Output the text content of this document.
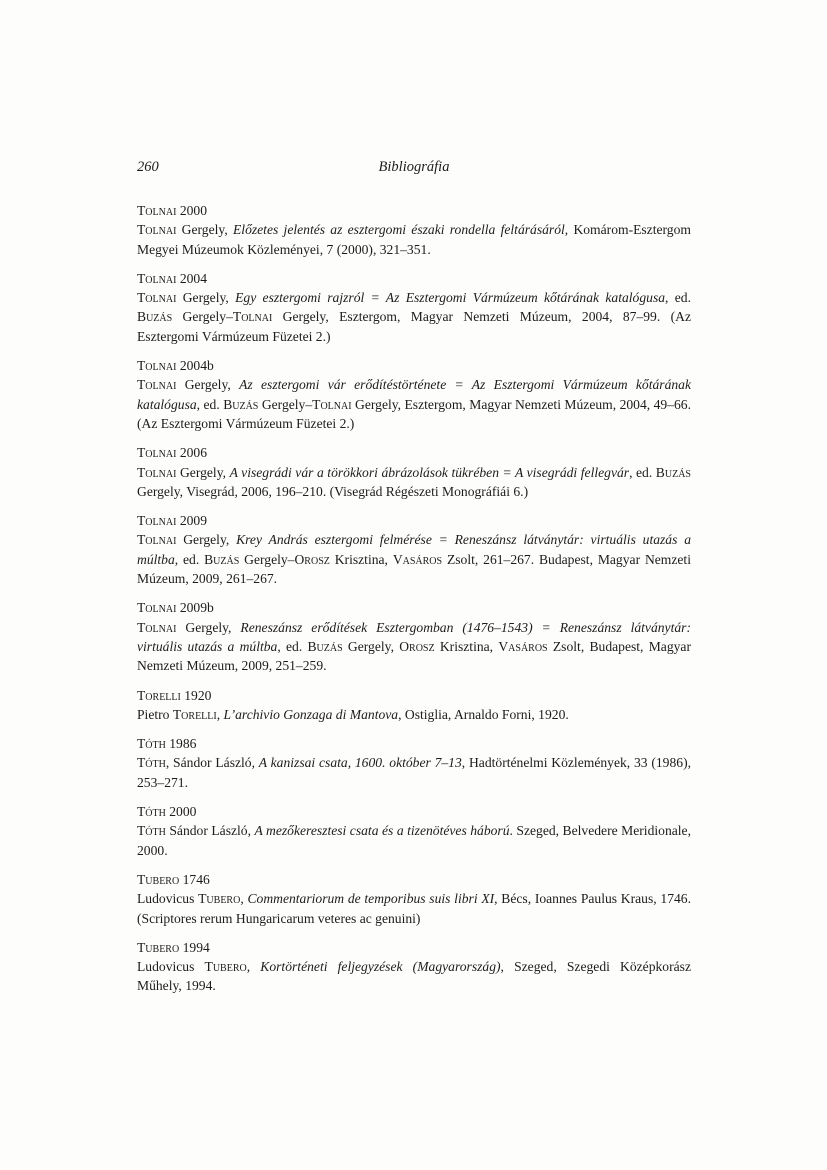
260	Bibliográfia
Tolnai 2000

Tolnai Gergely, Előzetes jelentés az esztergomi északi rondella feltárásáról, Komárom-Esztergom Megyei Múzeumok Közleményei, 7 (2000), 321–351.

Tolnai 2004

Tolnai Gergely, Egy esztergomi rajzról = Az Esztergomi Vármúzeum kőtárának katalógusa, ed. Buzás Gergely–Tolnai Gergely, Esztergom, Magyar Nemzeti Múzeum, 2004, 87–99. (Az Esztergomi Vármúzeum Füzetei 2.)

Tolnai 2004b

Tolnai Gergely, Az esztergomi vár erődítéstörténete = Az Esztergomi Vármúzeum kőtárának katalógusa, ed. Buzás Gergely–Tolnai Gergely, Esztergom, Magyar Nemzeti Múzeum, 2004, 49–66. (Az Esztergomi Vármúzeum Füzetei 2.)

Tolnai 2006

Tolnai Gergely, A visegrádi vár a törökkori ábrázolások tükrében = A visegrádi fellegvár, ed. Buzás Gergely, Visegrád, 2006, 196–210. (Visegrád Régészeti Monográfiái 6.)

Tolnai 2009

Tolnai Gergely, Krey András esztergomi felmérése = Reneszánsz látványtár: virtuális utazás a múltba, ed. Buzás Gergely–Orosz Krisztina, Vasáros Zsolt, 261–267. Budapest, Magyar Nemzeti Múzeum, 2009, 261–267.

Tolnai 2009b

Tolnai Gergely, Reneszánsz erődítések Esztergomban (1476–1543) = Reneszánsz látványtár: virtuális utazás a múltba, ed. Buzás Gergely, Orosz Krisztina, Vasáros Zsolt, Budapest, Magyar Nemzeti Múzeum, 2009, 251–259.

Torelli 1920

Pietro Torelli, L’archivio Gonzaga di Mantova, Ostiglia, Arnaldo Forni, 1920.

Tóth 1986

Tóth, Sándor László, A kanizsai csata, 1600. október 7–13, Hadtörténelmi Közlemények, 33 (1986), 253–271.

Tóth 2000

Tóth Sándor László, A mezőkeresztesi csata és a tizenötéves háború. Szeged, Belvedere Meridionale, 2000.

Tubero 1746

Ludovicus Tubero, Commentariorum de temporibus suis libri XI, Bécs, Ioannes Paulus Kraus, 1746. (Scriptores rerum Hungaricarum veteres ac genuini)

Tubero 1994

Ludovicus Tubero, Kortörténeti feljegyzések (Magyarország), Szeged, Szegedi Középkorász Műhely, 1994.
